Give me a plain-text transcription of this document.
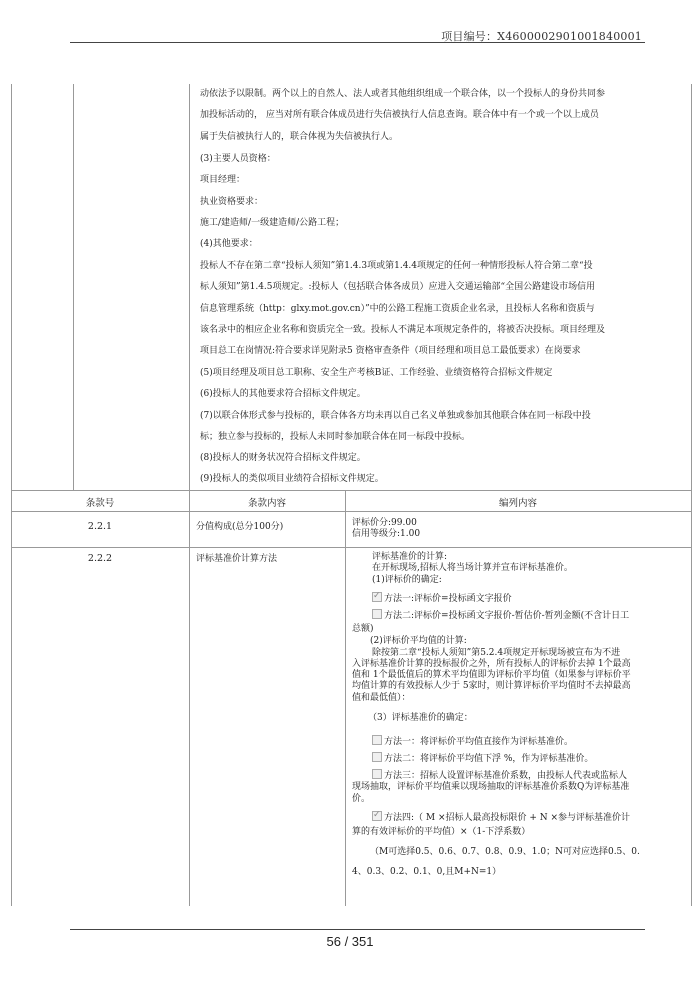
项目编号：X4600002901001840001
动依法予以限制。两个以上的自然人、法人或者其他组织组成一个联合体，以一个投标人的身份共同参
加投标活动的， 应当对所有联合体成员进行失信被执行人信息查询。联合体中有一个或一个以上成员
属于失信被执行人的，联合体视为失信被执行人。
(3)主要人员资格：
项目经理：
执业资格要求：
施工/建造师/一级建造师/公路工程；
(4)其他要求：
投标人不存在第二章“投标人须知”第1.4.3项或第1.4.4项规定的任何一种情形投标人符合第二章“投
标人须知”第1.4.5项规定。:投标人（包括联合体各成员）应进入交通运输部“全国公路建设市场信用
信息管理系统（http：glxy.mot.gov.cn）”中的公路工程施工资质企业名录，且投标人名称和资质与
该名录中的相应企业名称和资质完全一致。投标人不满足本项规定条件的，将被否决投标。项目经理及
项目总工在岗情况:符合要求详见附录5 资格审查条件（项目经理和项目总工最低要求）在岗要求
(5)项目经理及项目总工职称、安全生产考核B证、工作经验、业绩资格符合招标文件规定
(6)投标人的其他要求符合招标文件规定。
(7)以联合体形式参与投标的，联合体各方均未再以自己名义单独或参加其他联合体在同一标段中投
标；独立参与投标的，投标人未同时参加联合体在同一标段中投标。
(8)投标人的财务状况符合招标文件规定。
(9)投标人的类似项目业绩符合招标文件规定。
条款号	条款内容	编列内容
2.2.1	分值构成(总分100分)	评标价分:99.00
信用等级分:1.00
2.2.2	评标基准价计算方法	评标基准价的计算:
在开标现场,招标人将当场计算并宣布评标基准价。
(1)评标价的确定:
✓方法一:评标价=投标函文字报价
方法二:评标价=投标函文字报价-暂估价-暂列金额(不含计日工
总额)
(2)评标价平均值的计算:
除按第二章“投标人须知”第5.2.4项规定开标现场被宣布为不进
入评标基准价计算的投标报价之外，所有投标人的评标价去掉 1个最高
值和 1个最低值后的算术平均值即为评标价平均值（如果参与评标价平
均值计算的有效投标人少于 5家时，则计算评标价平均值时不去掉最高
值和最低值）：
（3）评标基准价的确定：
方法一：将评标价平均值直接作为评标基准价。
方法二：将评标价平均值下浮 %，作为评标基准价。
方法三：招标人设置评标基准价系数，由投标人代表或监标人
现场抽取，评标价平均值乘以现场抽取的评标基准价系数Q为评标基准
价。
✓方法四:（ M ×招标人最高投标限价 + N ×参与评标基准价计
算的有效评标价的平均值）×（1-下浮系数）
（M可选择0.5、0.6、0.7、0.8、0.9、1.0；N可对应选择0.5、0.
4、0.3、0.2、0.1、0,且M+N=1）
56 / 351
